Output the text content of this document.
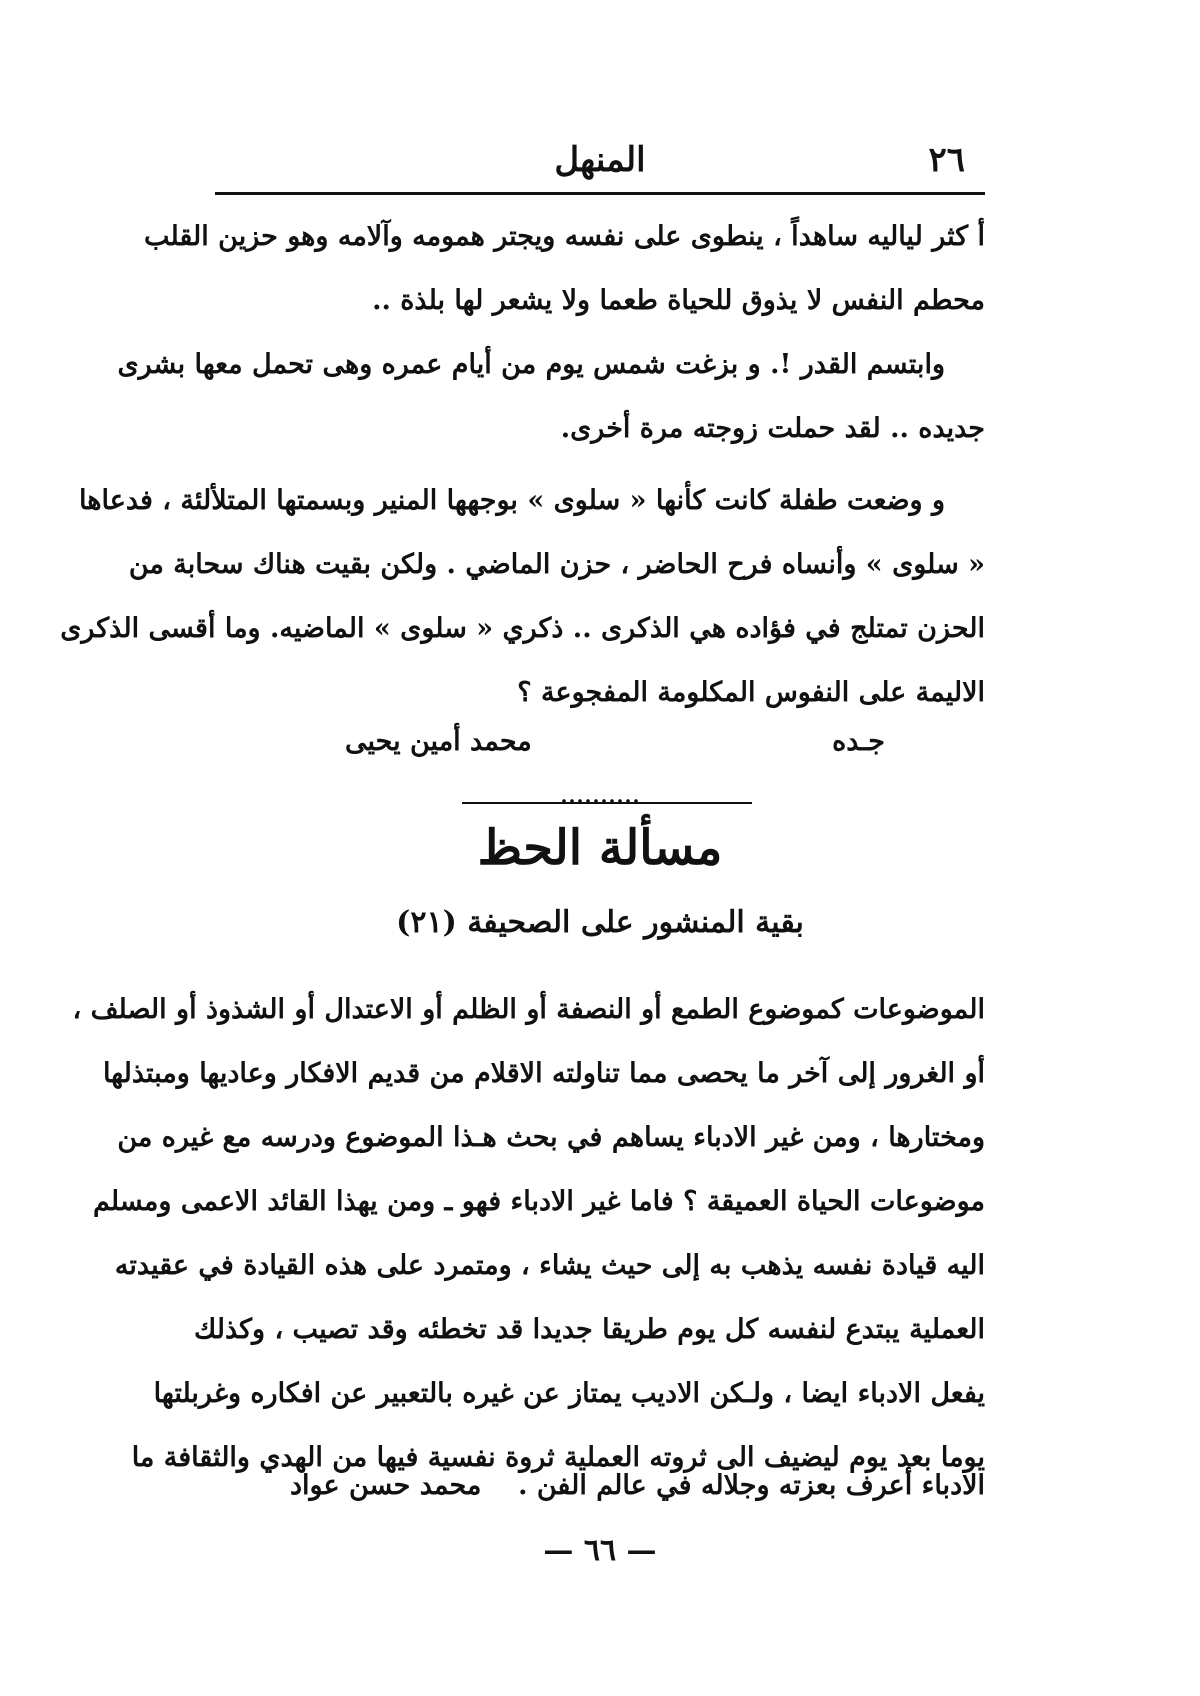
٢٦
المنهل
أ كثر لياليه ساهداً ، ينطوى على نفسه ويجتر همومه وآلامه وهو حزين القلب
محطم النفس لا يذوق للحياة طعما ولا يشعر لها بلذة ..
وابتسم القدر !. و بزغت شمس يوم من أيام عمره وهى تحمل معها بشرى
جديده .. لقد حملت زوجته مرة أخرى.
و وضعت طفلة كانت كأنها « سلوى » بوجهها المنير وبسمتها المتلألئة ، فدعاها
« سلوى » وأنساه فرح الحاضر ، حزن الماضي . ولكن بقيت هناك سحابة من
الحزن تمتلج في فؤاده هي الذكرى .. ذكري « سلوى » الماضيه. وما أقسى الذكرى
الاليمة على النفوس المكلومة المفجوعة ؟
جـده
محمد أمين يحيى
مسألة الحظ
بقية المنشور على الصحيفة (٢١)
الموضوعات كموضوع الطمع أو النصفة أو الظلم أو الاعتدال أو الشذوذ أو الصلف ،
أو الغرور إلى آخر ما يحصى مما تناولته الاقلام من قديم الافكار وعاديها ومبتذلها
ومختارها ، ومن غير الادباء يساهم في بحث هـذا الموضوع ودرسه مع غيره من
موضوعات الحياة العميقة ؟ فاما غير الادباء فهو ـ ومن يهذا القائد الاعمى ومسلم
اليه قيادة نفسه يذهب به إلى حيث يشاء ، ومتمرد على هذه القيادة في عقيدته
العملية يبتدع لنفسه كل يوم طريقا جديدا قد تخطئه وقد تصيب ، وكذلك
يفعل الادباء ايضا ، ولـكن الاديب يمتاز عن غيره بالتعبير عن افكاره وغربلتها
يوما بعد يوم ليضيف الى ثروته العملية ثروة نفسية فيها من الهدي والثقافة ما
الادباء أعرف بعزته وجلاله في عالم الفن .
محمد حسن عواد
— ٦٦ —
